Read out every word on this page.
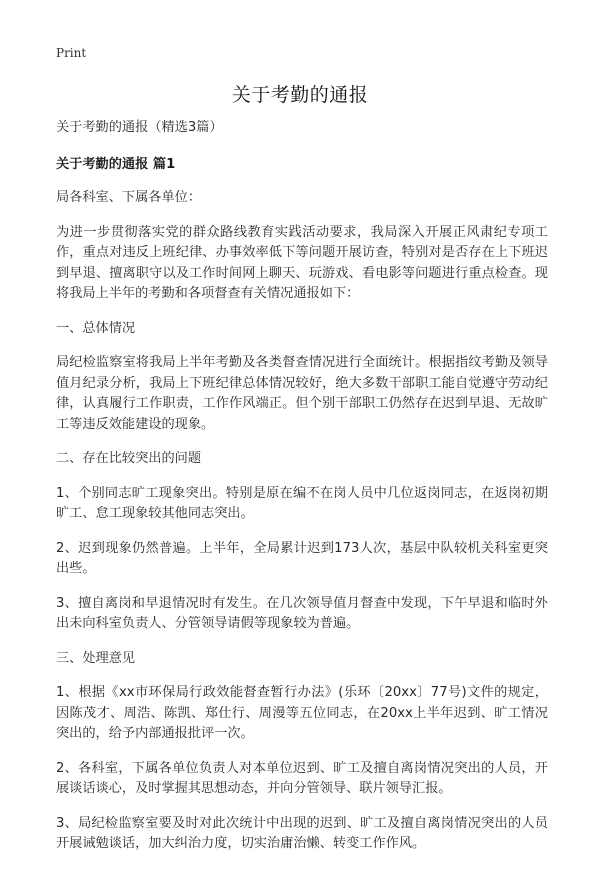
Print
关于考勤的通报

关于考勤的通报（精选3篇）

关于考勤的通报 篇1

局各科室、下属各单位：

为进一步贯彻落实党的群众路线教育实践活动要求，我局深入开展正风肃纪专项工作，重点对违反上班纪律、办事效率低下等问题开展访查，特别对是否存在上下班迟到早退、擅离职守以及工作时间网上聊天、玩游戏、看电影等问题进行重点检查。现将我局上半年的考勤和各项督查有关情况通报如下：

一、总体情况

局纪检监察室将我局上半年考勤及各类督查情况进行全面统计。根据指纹考勤及领导值月纪录分析，我局上下班纪律总体情况较好，绝大多数干部职工能自觉遵守劳动纪律，认真履行工作职责，工作作风端正。但个别干部职工仍然存在迟到早退、无故旷工等违反效能建设的现象。

二、存在比较突出的问题

1、个别同志旷工现象突出。特别是原在编不在岗人员中几位返岗同志，在返岗初期旷工、怠工现象较其他同志突出。

2、迟到现象仍然普遍。上半年，全局累计迟到173人次，基层中队较机关科室更突出些。

3、擅自离岗和早退情况时有发生。在几次领导值月督查中发现，下午早退和临时外出未向科室负责人、分管领导请假等现象较为普遍。

三、处理意见

1、根据《xx市环保局行政效能督查暂行办法》(乐环〔20xx〕77号)文件的规定，因陈茂才、周浩、陈凯、郑仕行、周漫等五位同志，在20xx上半年迟到、旷工情况突出的，给予内部通报批评一次。

2、各科室，下属各单位负责人对本单位迟到、旷工及擅自离岗情况突出的人员，开展谈话谈心，及时掌握其思想动态，并向分管领导、联片领导汇报。

3、局纪检监察室要及时对此次统计中出现的迟到、旷工及擅自离岗情况突出的人员开展诫勉谈话，加大纠治力度，切实治庸治懒、转变工作作风。
